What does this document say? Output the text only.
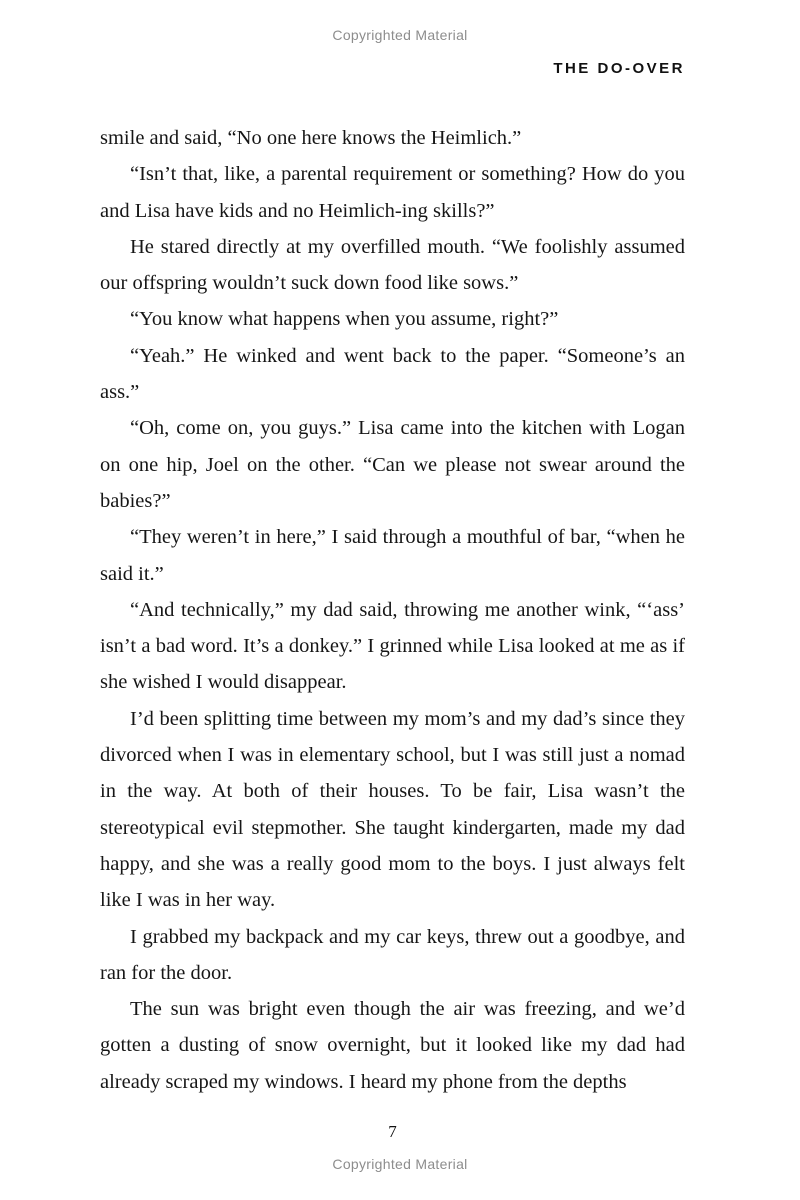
Copyrighted Material
THE DO-OVER

smile and said, “No one here knows the Heimlich.”

“Isn’t that, like, a parental requirement or something? How do you and Lisa have kids and no Heimlich-ing skills?”

He stared directly at my overfilled mouth. “We foolishly assumed our offspring wouldn’t suck down food like sows.”

“You know what happens when you assume, right?”

“Yeah.” He winked and went back to the paper. “Someone’s an ass.”

“Oh, come on, you guys.” Lisa came into the kitchen with Logan on one hip, Joel on the other. “Can we please not swear around the babies?”

“They weren’t in here,” I said through a mouthful of bar, “when he said it.”

“And technically,” my dad said, throwing me another wink, “‘ass’ isn’t a bad word. It’s a donkey.” I grinned while Lisa looked at me as if she wished I would disappear.

I’d been splitting time between my mom’s and my dad’s since they divorced when I was in elementary school, but I was still just a nomad in the way. At both of their houses. To be fair, Lisa wasn’t the stereotypical evil stepmother. She taught kindergarten, made my dad happy, and she was a really good mom to the boys. I just always felt like I was in her way.

I grabbed my backpack and my car keys, threw out a goodbye, and ran for the door.

The sun was bright even though the air was freezing, and we’d gotten a dusting of snow overnight, but it looked like my dad had already scraped my windows. I heard my phone from the depths

7
Copyrighted Material
